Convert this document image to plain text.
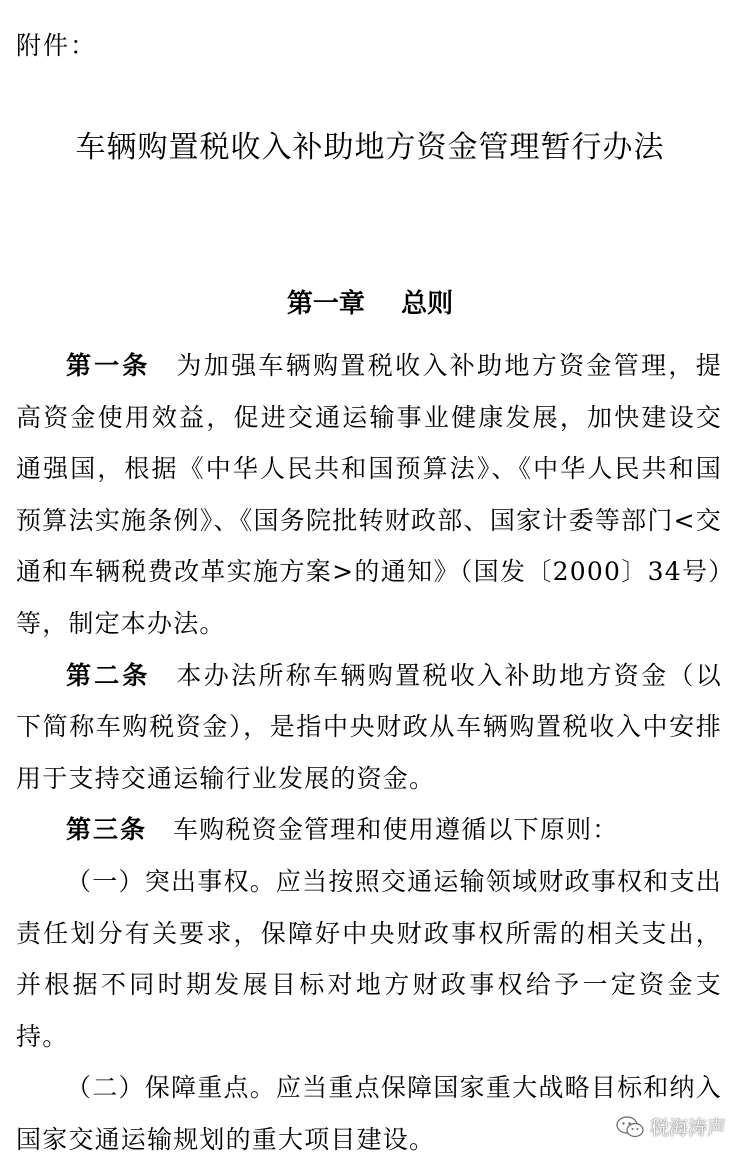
附件：
车辆购置税收入补助地方资金管理暂行办法
第一章 总则

第一条 为加强车辆购置税收入补助地方资金管理，提高资金使用效益，促进交通运输事业健康发展，加快建设交通强国，根据《中华人民共和国预算法》、《中华人民共和国预算法实施条例》、《国务院批转财政部、国家计委等部门<交通和车辆税费改革实施方案>的通知》（国发〔2000〕34号）等，制定本办法。

第二条 本办法所称车辆购置税收入补助地方资金（以下简称车购税资金），是指中央财政从车辆购置税收入中安排用于支持交通运输行业发展的资金。

第三条 车购税资金管理和使用遵循以下原则：

（一）突出事权。应当按照交通运输领域财政事权和支出责任划分有关要求，保障好中央财政事权所需的相关支出，并根据不同时期发展目标对地方财政事权给予一定资金支持。

（二）保障重点。应当重点保障国家重大战略目标和纳入国家交通运输规划的重大项目建设。	税海涛声
